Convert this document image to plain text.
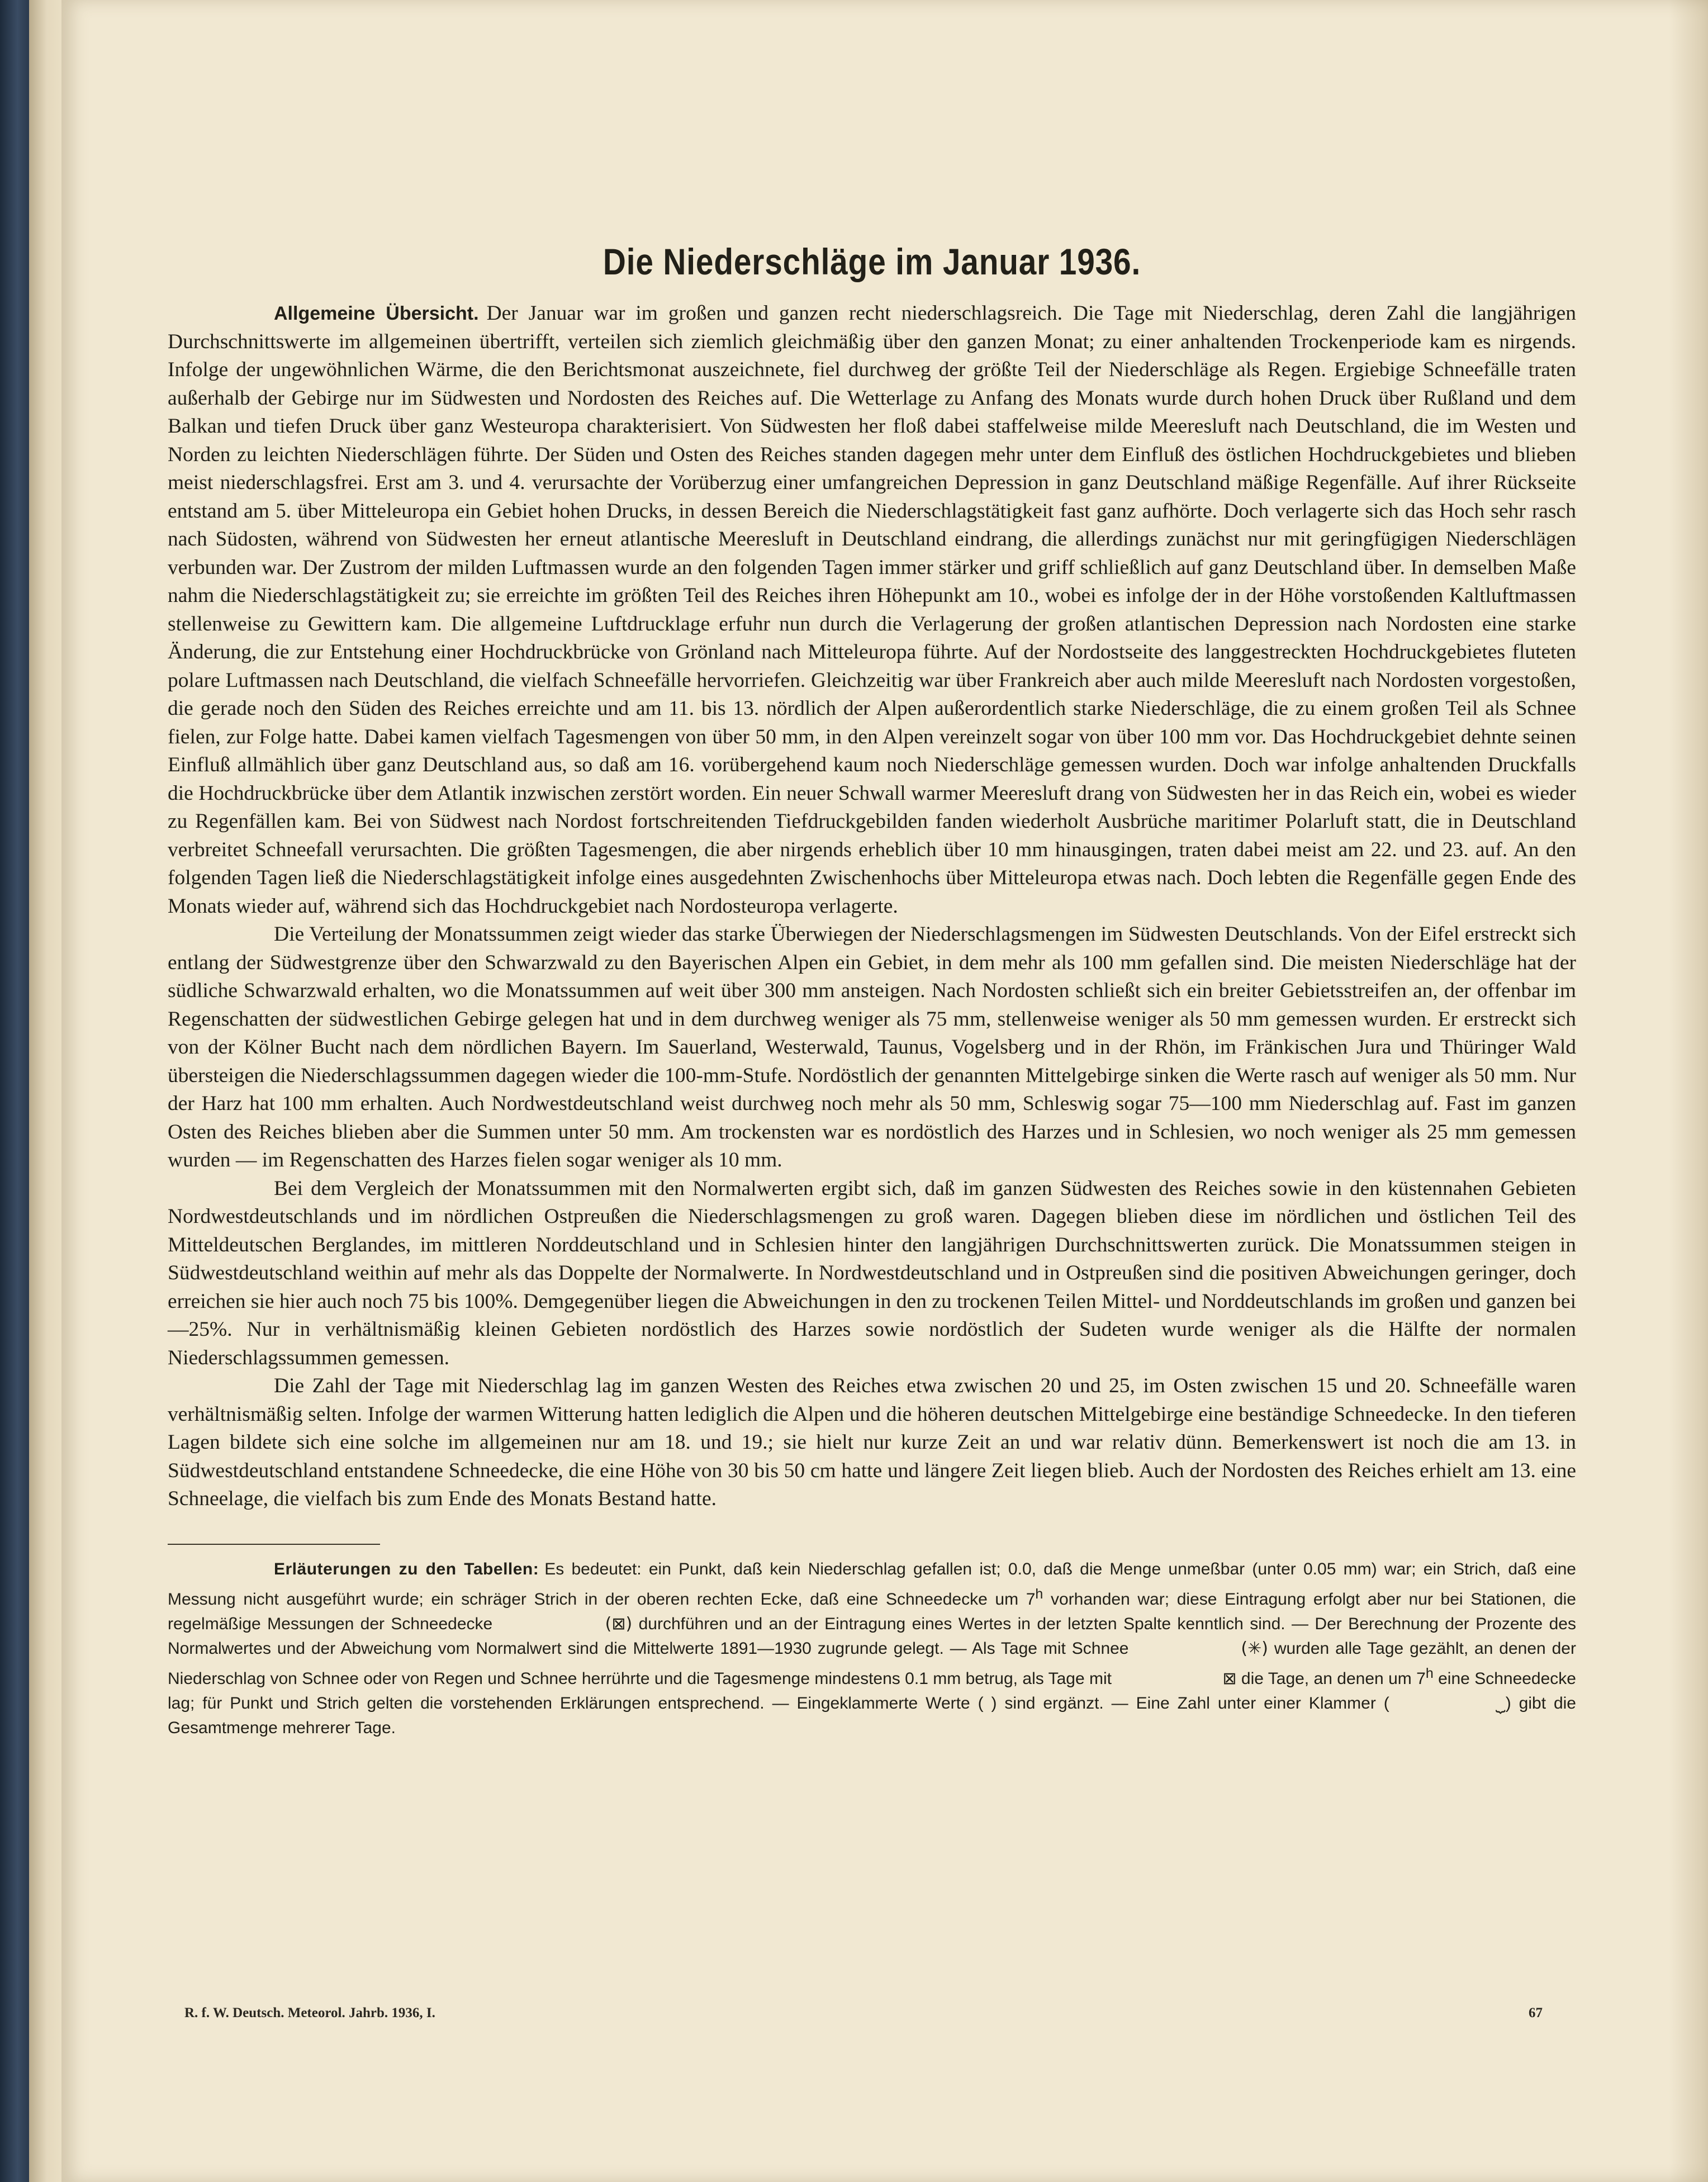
Die Niederschläge im Januar 1936.

Allgemeine Übersicht. Der Januar war im großen und ganzen recht niederschlagsreich. Die Tage mit Niederschlag, deren Zahl die langjährigen Durchschnittswerte im allgemeinen übertrifft, verteilen sich ziemlich gleichmäßig über den ganzen Monat; zu einer anhaltenden Trockenperiode kam es nirgends. Infolge der ungewöhnlichen Wärme, die den Berichtsmonat auszeichnete, fiel durchweg der größte Teil der Niederschläge als Regen. Ergiebige Schneefälle traten außerhalb der Gebirge nur im Südwesten und Nordosten des Reiches auf. Die Wetterlage zu Anfang des Monats wurde durch hohen Druck über Rußland und dem Balkan und tiefen Druck über ganz Westeuropa charakterisiert. Von Südwesten her floß dabei staffelweise milde Meeresluft nach Deutschland, die im Westen und Norden zu leichten Niederschlägen führte. Der Süden und Osten des Reiches standen dagegen mehr unter dem Einfluß des östlichen Hochdruckgebietes und blieben meist niederschlagsfrei. Erst am 3. und 4. verursachte der Vorüberzug einer umfangreichen Depression in ganz Deutschland mäßige Regenfälle. Auf ihrer Rückseite entstand am 5. über Mitteleuropa ein Gebiet hohen Drucks, in dessen Bereich die Niederschlagstätigkeit fast ganz aufhörte. Doch verlagerte sich das Hoch sehr rasch nach Südosten, während von Südwesten her erneut atlantische Meeresluft in Deutschland eindrang, die allerdings zunächst nur mit geringfügigen Niederschlägen verbunden war. Der Zustrom der milden Luftmassen wurde an den folgenden Tagen immer stärker und griff schließlich auf ganz Deutschland über. In demselben Maße nahm die Niederschlagstätigkeit zu; sie erreichte im größten Teil des Reiches ihren Höhepunkt am 10., wobei es infolge der in der Höhe vorstoßenden Kaltluftmassen stellenweise zu Gewittern kam. Die allgemeine Luftdrucklage erfuhr nun durch die Verlagerung der großen atlantischen Depression nach Nordosten eine starke Änderung, die zur Entstehung einer Hochdruckbrücke von Grönland nach Mitteleuropa führte. Auf der Nordostseite des langgestreckten Hochdruckgebietes fluteten polare Luftmassen nach Deutschland, die vielfach Schneefälle hervorriefen. Gleichzeitig war über Frankreich aber auch milde Meeresluft nach Nordosten vorgestoßen, die gerade noch den Süden des Reiches erreichte und am 11. bis 13. nördlich der Alpen außerordentlich starke Niederschläge, die zu einem großen Teil als Schnee fielen, zur Folge hatte. Dabei kamen vielfach Tagesmengen von über 50 mm, in den Alpen vereinzelt sogar von über 100 mm vor. Das Hochdruckgebiet dehnte seinen Einfluß allmählich über ganz Deutschland aus, so daß am 16. vorübergehend kaum noch Niederschläge gemessen wurden. Doch war infolge anhaltenden Druckfalls die Hochdruckbrücke über dem Atlantik inzwischen zerstört worden. Ein neuer Schwall warmer Meeresluft drang von Südwesten her in das Reich ein, wobei es wieder zu Regenfällen kam. Bei von Südwest nach Nordost fortschreitenden Tiefdruckgebilden fanden wiederholt Ausbrüche maritimer Polarluft statt, die in Deutschland verbreitet Schneefall verursachten. Die größten Tagesmengen, die aber nirgends erheblich über 10 mm hinausgingen, traten dabei meist am 22. und 23. auf. An den folgenden Tagen ließ die Niederschlagstätigkeit infolge eines ausgedehnten Zwischenhochs über Mitteleuropa etwas nach. Doch lebten die Regenfälle gegen Ende des Monats wieder auf, während sich das Hochdruckgebiet nach Nordosteuropa verlagerte.

Die Verteilung der Monatssummen zeigt wieder das starke Überwiegen der Niederschlagsmengen im Südwesten Deutschlands. Von der Eifel erstreckt sich entlang der Südwestgrenze über den Schwarzwald zu den Bayerischen Alpen ein Gebiet, in dem mehr als 100 mm gefallen sind. Die meisten Niederschläge hat der südliche Schwarzwald erhalten, wo die Monatssummen auf weit über 300 mm ansteigen. Nach Nordosten schließt sich ein breiter Gebietsstreifen an, der offenbar im Regenschatten der südwestlichen Gebirge gelegen hat und in dem durchweg weniger als 75 mm, stellenweise weniger als 50 mm gemessen wurden. Er erstreckt sich von der Kölner Bucht nach dem nördlichen Bayern. Im Sauerland, Westerwald, Taunus, Vogelsberg und in der Rhön, im Fränkischen Jura und Thüringer Wald übersteigen die Niederschlagssummen dagegen wieder die 100-mm-Stufe. Nordöstlich der genannten Mittelgebirge sinken die Werte rasch auf weniger als 50 mm. Nur der Harz hat 100 mm erhalten. Auch Nordwestdeutschland weist durchweg noch mehr als 50 mm, Schleswig sogar 75—100 mm Niederschlag auf. Fast im ganzen Osten des Reiches blieben aber die Summen unter 50 mm. Am trockensten war es nordöstlich des Harzes und in Schlesien, wo noch weniger als 25 mm gemessen wurden — im Regenschatten des Harzes fielen sogar weniger als 10 mm.

Bei dem Vergleich der Monatssummen mit den Normalwerten ergibt sich, daß im ganzen Südwesten des Reiches sowie in den küstennahen Gebieten Nordwestdeutschlands und im nördlichen Ostpreußen die Niederschlagsmengen zu groß waren. Dagegen blieben diese im nördlichen und östlichen Teil des Mitteldeutschen Berglandes, im mittleren Norddeutschland und in Schlesien hinter den langjährigen Durchschnittswerten zurück. Die Monatssummen steigen in Südwestdeutschland weithin auf mehr als das Doppelte der Normalwerte. In Nordwestdeutschland und in Ostpreußen sind die positiven Abweichungen geringer, doch erreichen sie hier auch noch 75 bis 100%. Demgegenüber liegen die Abweichungen in den zu trockenen Teilen Mittel- und Norddeutschlands im großen und ganzen bei —25%. Nur in verhältnismäßig kleinen Gebieten nordöstlich des Harzes sowie nordöstlich der Sudeten wurde weniger als die Hälfte der normalen Niederschlagssummen gemessen.

Die Zahl der Tage mit Niederschlag lag im ganzen Westen des Reiches etwa zwischen 20 und 25, im Osten zwischen 15 und 20. Schneefälle waren verhältnismäßig selten. Infolge der warmen Witterung hatten lediglich die Alpen und die höheren deutschen Mittelgebirge eine beständige Schneedecke. In den tieferen Lagen bildete sich eine solche im allgemeinen nur am 18. und 19.; sie hielt nur kurze Zeit an und war relativ dünn. Bemerkenswert ist noch die am 13. in Südwestdeutschland entstandene Schneedecke, die eine Höhe von 30 bis 50 cm hatte und längere Zeit liegen blieb. Auch der Nordosten des Reiches erhielt am 13. eine Schneelage, die vielfach bis zum Ende des Monats Bestand hatte.

Erläuterungen zu den Tabellen: Es bedeutet: ein Punkt, daß kein Niederschlag gefallen ist; 0.0, daß die Menge unmeßbar (unter 0.05 mm) war; ein Strich, daß eine Messung nicht ausgeführt wurde; ein schräger Strich in der oberen rechten Ecke, daß eine Schneedecke um 7$^h$ vorhanden war; diese Eintragung erfolgt aber nur bei Stationen, die regelmäßige Messungen der Schneedecke	(⊠) durchführen und an der Eintragung eines Wertes in der letzten Spalte kenntlich sind. — Der Berechnung der Prozente des Normalwertes und der Abweichung vom Normalwert sind die Mittelwerte 1891—1930 zugrunde gelegt. — Als Tage mit Schnee	(✳) wurden alle Tage gezählt, an denen der Niederschlag von Schnee oder von Regen und Schnee herrührte und die Tagesmenge mindestens 0.1 mm betrug, als Tage mit	⊠ die Tage, an denen um 7$^h$ eine Schneedecke lag; für Punkt und Strich gelten die vorstehenden Erklärungen entsprechend. — Eingeklammerte Werte ( ) sind ergänzt. — Eine Zahl unter einer Klammer (	⏟) gibt die Gesamtmenge mehrerer Tage.

R. f. W. Deutsch. Meteorol. Jahrb. 1936, I.	67
